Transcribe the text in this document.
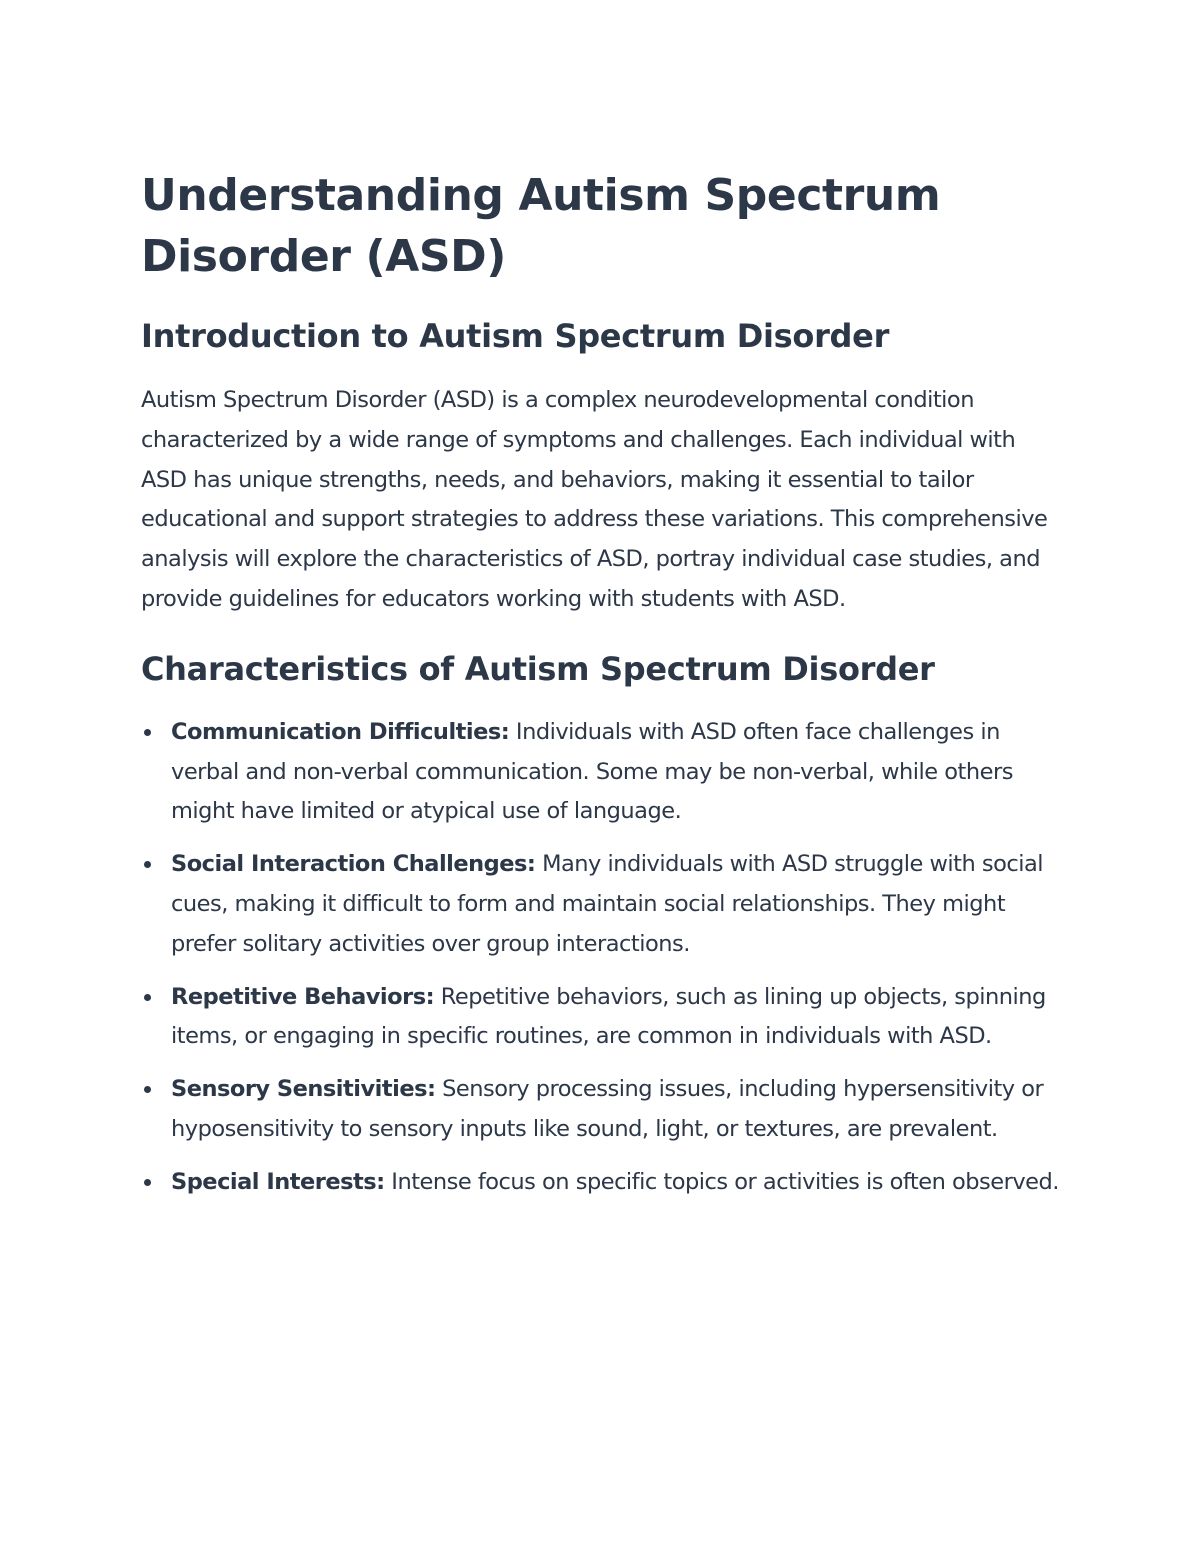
Understanding Autism Spectrum Disorder (ASD)
Introduction to Autism Spectrum Disorder

Autism Spectrum Disorder (ASD) is a complex neurodevelopmental condition characterized by a wide range of symptoms and challenges. Each individual with ASD has unique strengths, needs, and behaviors, making it essential to tailor educational and support strategies to address these variations. This comprehensive analysis will explore the characteristics of ASD, portray individual case studies, and provide guidelines for educators working with students with ASD.

Characteristics of Autism Spectrum Disorder
Communication Difficulties: Individuals with ASD often face challenges in verbal and non-verbal communication. Some may be non-verbal, while others might have limited or atypical use of language.
Social Interaction Challenges: Many individuals with ASD struggle with social cues, making it difficult to form and maintain social relationships. They might prefer solitary activities over group interactions.
Repetitive Behaviors: Repetitive behaviors, such as lining up objects, spinning items, or engaging in specific routines, are common in individuals with ASD.
Sensory Sensitivities: Sensory processing issues, including hypersensitivity or hyposensitivity to sensory inputs like sound, light, or textures, are prevalent.
Special Interests: Intense focus on specific topics or activities is often observed.
